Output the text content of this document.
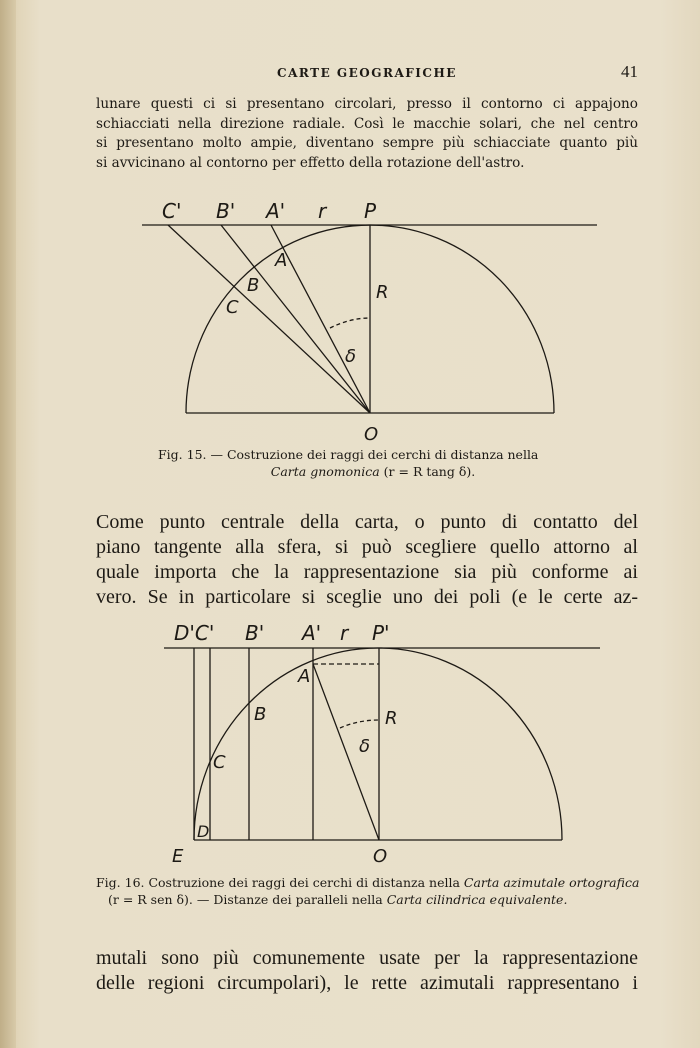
CARTE GEOGRAFICHE	41
lunare questi ci si presentano circolari, presso il contorno ci appajono
schiacciati nella direzione radiale. Così le macchie solari, che nel centro
si presentano molto ampie, diventano sempre più schiacciate quanto più
si avvicinano al contorno per effetto della rotazione dell'astro.
C' B' A' r P
A
B
C
R
δ
O
Fig. 15. — Costruzione dei raggi dei cerchi di distanza nella
Carta gnomonica (r = R tang δ).
Come punto centrale della carta, o punto di contatto del
piano tangente alla sfera, si può scegliere quello attorno al
quale importa che la rappresentazione sia più conforme ai
vero. Se in particolare si sceglie uno dei poli (e le certe az-
D'C' B' A' r P'
A
B
C
D
R
δ
E	O
Fig. 16. Costruzione dei raggi dei cerchi di distanza nella Carta azimutale ortografica
(r = R sen δ). — Distanze dei paralleli nella Carta cilindrica equivalente.
mutali sono più comunemente usate per la rappresentazione
delle regioni circumpolari), le rette azimutali rappresentano i
